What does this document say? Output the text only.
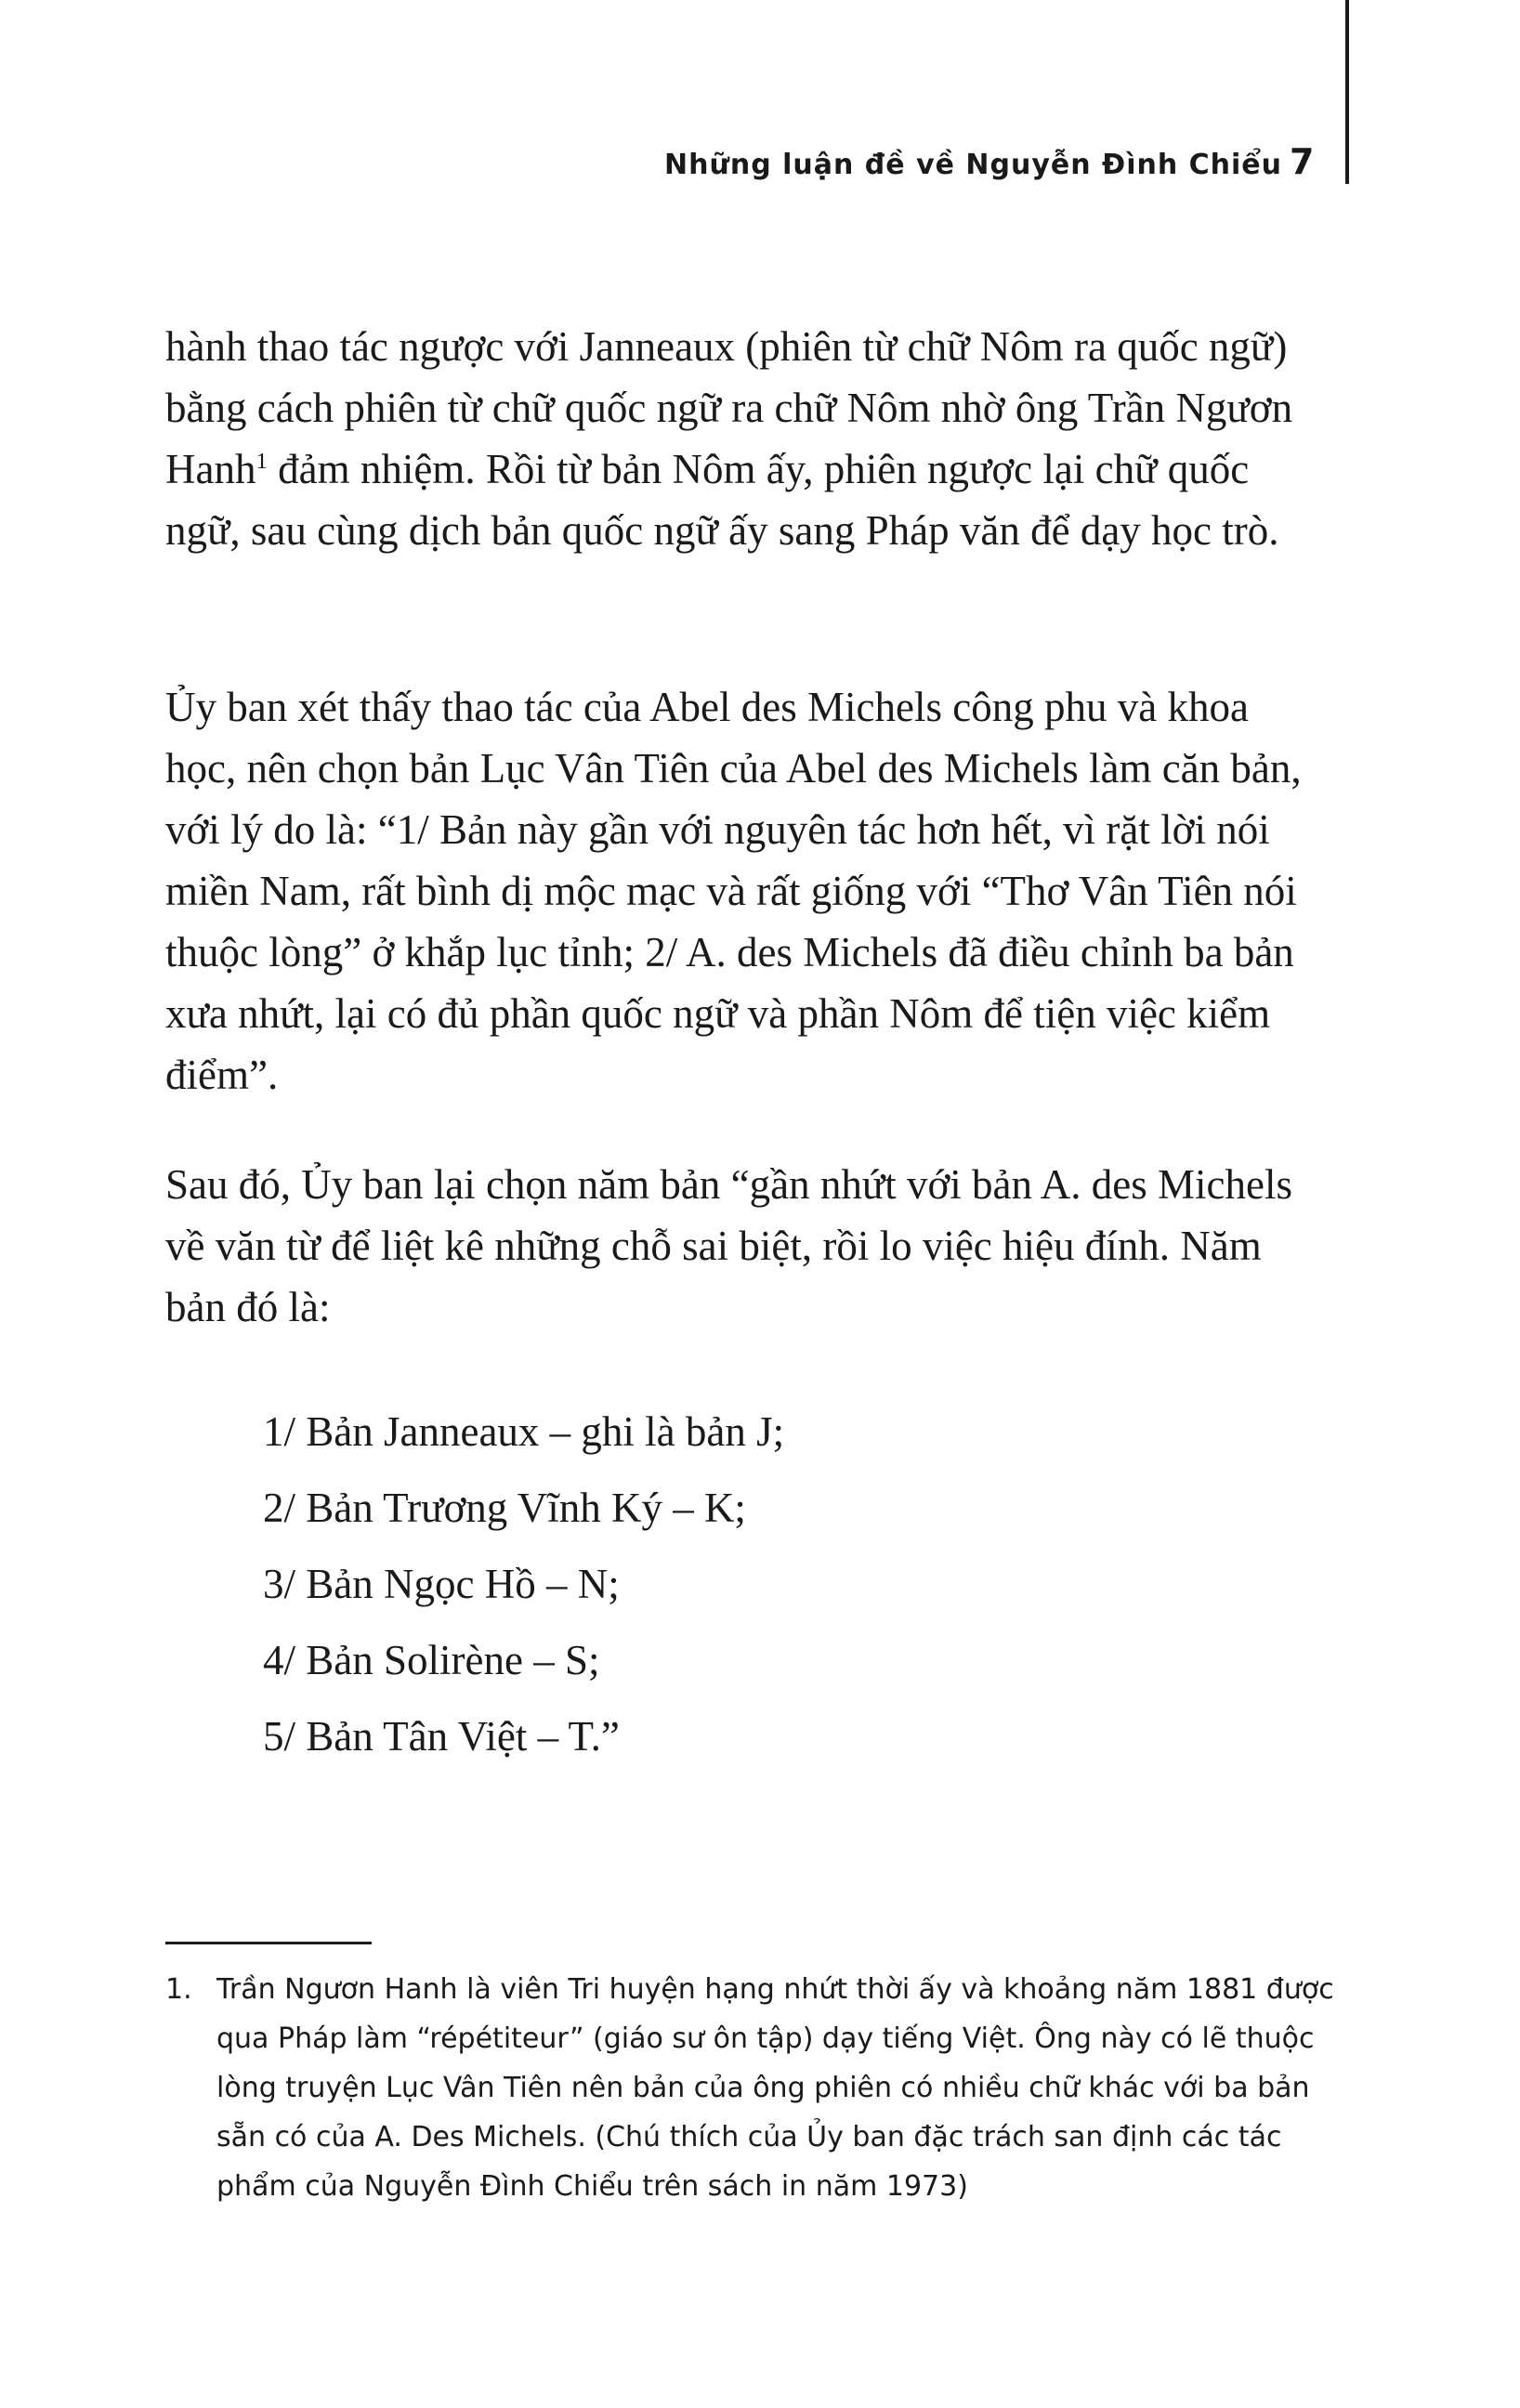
Những luận đề về Nguyễn Đình Chiểu 7

hành thao tác ngược với Janneaux (phiên từ chữ Nôm ra quốc ngữ) bằng cách phiên từ chữ quốc ngữ ra chữ Nôm nhờ ông Trần Ngươn Hanh$^1$ đảm nhiệm. Rồi từ bản Nôm ấy, phiên ngược lại chữ quốc ngữ, sau cùng dịch bản quốc ngữ ấy sang Pháp văn để dạy học trò.

Ủy ban xét thấy thao tác của Abel des Michels công phu và khoa học, nên chọn bản Lục Vân Tiên của Abel des Michels làm căn bản, với lý do là: “1/ Bản này gần với nguyên tác hơn hết, vì rặt lời nói miền Nam, rất bình dị mộc mạc và rất giống với “Thơ Vân Tiên nói thuộc lòng” ở khắp lục tỉnh; 2/ A. des Michels đã điều chỉnh ba bản xưa nhứt, lại có đủ phần quốc ngữ và phần Nôm để tiện việc kiểm điểm”.

Sau đó, Ủy ban lại chọn năm bản “gần nhứt với bản A. des Michels về văn từ để liệt kê những chỗ sai biệt, rồi lo việc hiệu đính. Năm bản đó là:

1/ Bản Janneaux – ghi là bản J;
2/ Bản Trương Vĩnh Ký – K;
3/ Bản Ngọc Hồ – N;
4/ Bản Solirène – S;
5/ Bản Tân Việt – T.”
1. Trần Ngươn Hanh là viên Tri huyện hạng nhứt thời ấy và khoảng năm 1881 được qua Pháp làm “répétiteur” (giáo sư ôn tập) dạy tiếng Việt. Ông này có lẽ thuộc lòng truyện Lục Vân Tiên nên bản của ông phiên có nhiều chữ khác với ba bản sẵn có của A. Des Michels. (Chú thích của Ủy ban đặc trách san định các tác phẩm của Nguyễn Đình Chiểu trên sách in năm 1973)
